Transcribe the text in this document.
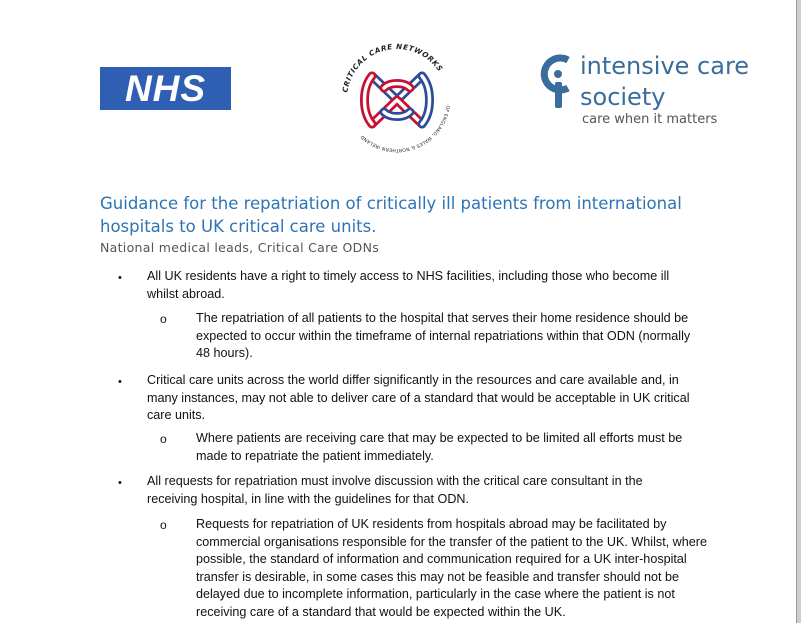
NHS	CRITICAL CARE NETWORKS
OF ENGLAND, WALES & NORTHERN IRELAND
intensive care
society
care when it matters
Guidance for the repatriation of critically ill patients from international hospitals to UK critical care units.

National medical leads, Critical Care ODNs

• All UK residents have a right to timely access to NHS facilities, including those who become ill whilst abroad.

o The repatriation of all patients to the hospital that serves their home residence should be expected to occur within the timeframe of internal repatriations within that ODN (normally 48 hours).

• Critical care units across the world differ significantly in the resources and care available and, in many instances, may not able to deliver care of a standard that would be acceptable in UK critical care units.

o Where patients are receiving care that may be expected to be limited all efforts must be made to repatriate the patient immediately.

• All requests for repatriation must involve discussion with the critical care consultant in the receiving hospital, in line with the guidelines for that ODN.

o Requests for repatriation of UK residents from hospitals abroad may be facilitated by commercial organisations responsible for the transfer of the patient to the UK. Whilst, where possible, the standard of information and communication required for a UK inter-hospital transfer is desirable, in some cases this may not be feasible and transfer should not be delayed due to incomplete information, particularly in the case where the patient is not receiving care of a standard that would be expected within the UK.
